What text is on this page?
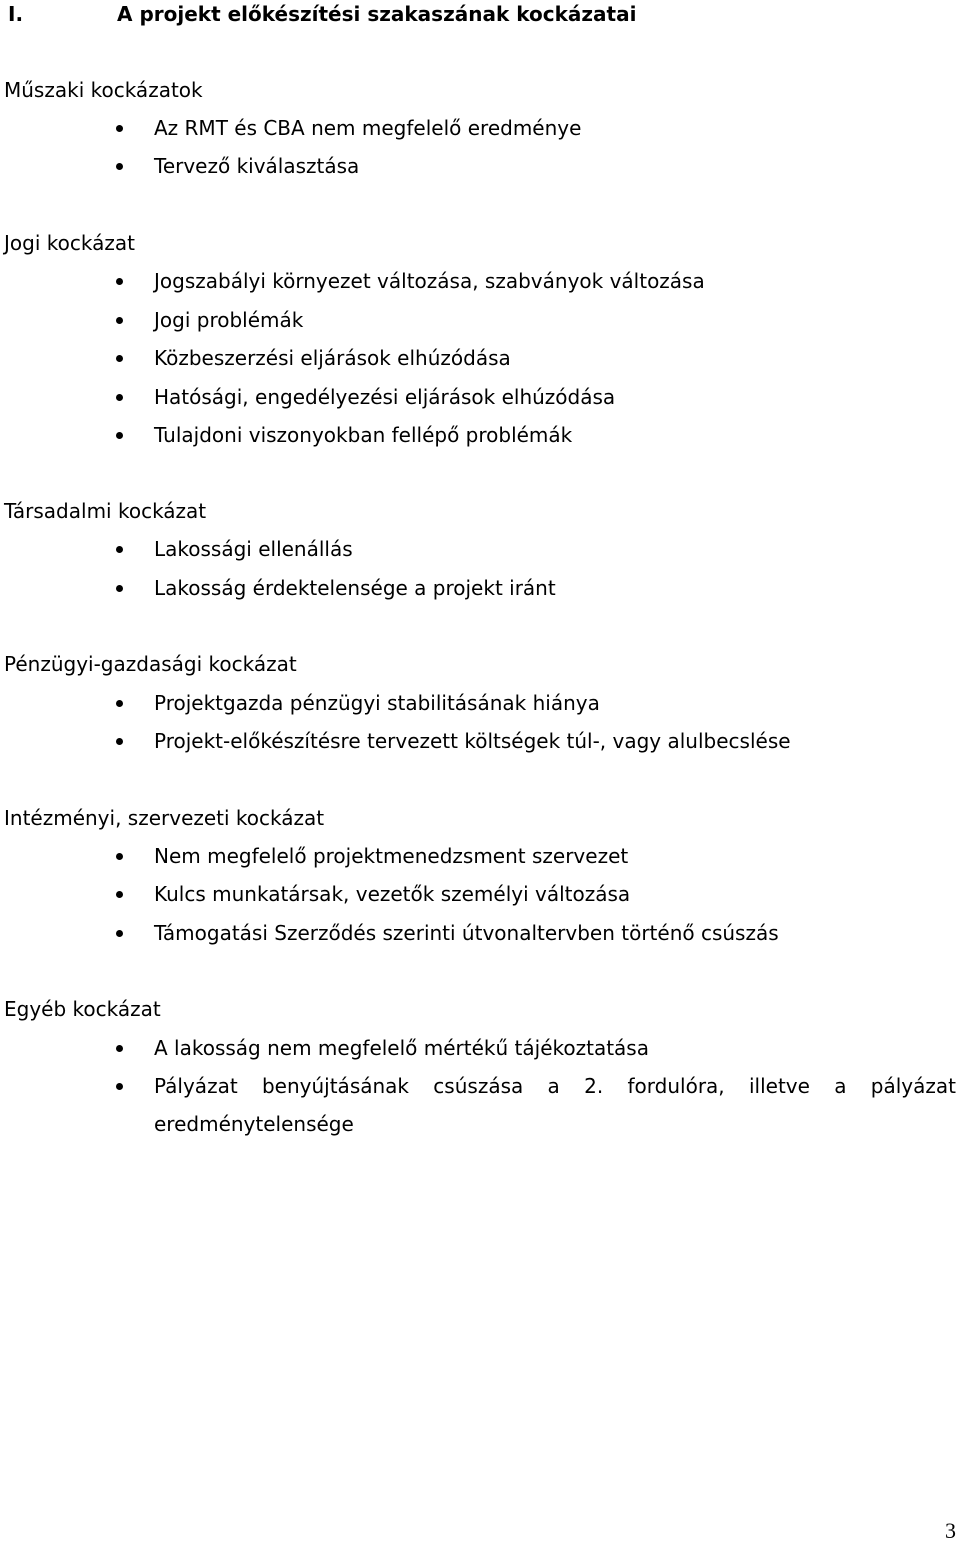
I.	A projekt előkészítési szakaszának kockázatai
Műszaki kockázatok
Az RMT és CBA nem megfelelő eredménye
Tervező kiválasztása
Jogi kockázat
Jogszabályi környezet változása, szabványok változása
Jogi problémák
Közbeszerzési eljárások elhúzódása
Hatósági, engedélyezési eljárások elhúzódása
Tulajdoni viszonyokban fellépő problémák
Társadalmi kockázat
Lakossági ellenállás
Lakosság érdektelensége a projekt iránt
Pénzügyi-gazdasági kockázat
Projektgazda pénzügyi stabilitásának hiánya
Projekt-előkészítésre tervezett költségek túl-, vagy alulbecslése
Intézményi, szervezeti kockázat
Nem megfelelő projektmenedzsment szervezet
Kulcs munkatársak, vezetők személyi változása
Támogatási Szerződés szerinti útvonaltervben történő csúszás
Egyéb kockázat
A lakosság nem megfelelő mértékű tájékoztatása
Pályázat benyújtásának csúszása a 2. fordulóra, illetve a pályázat eredménytelensége
3
